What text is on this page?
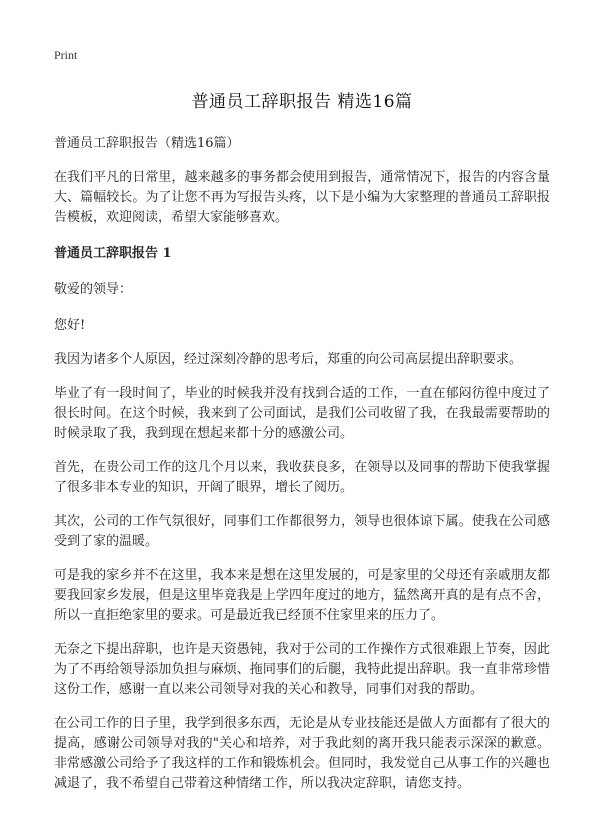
Print
普通员工辞职报告 精选16篇

普通员工辞职报告（精选16篇）

在我们平凡的日常里，越来越多的事务都会使用到报告，通常情况下，报告的内容含量大、篇幅较长。为了让您不再为写报告头疼，以下是小编为大家整理的普通员工辞职报告模板，欢迎阅读，希望大家能够喜欢。

普通员工辞职报告 1

敬爱的领导：

您好!

我因为诸多个人原因，经过深刻冷静的思考后，郑重的向公司高层提出辞职要求。

毕业了有一段时间了，毕业的时候我并没有找到合适的工作，一直在郁闷彷徨中度过了很长时间。在这个时候，我来到了公司面试，是我们公司收留了我，在我最需要帮助的时候录取了我，我到现在想起来都十分的感激公司。

首先，在贵公司工作的这几个月以来，我收获良多，在领导以及同事的帮助下使我掌握了很多非本专业的知识，开阔了眼界，增长了阅历。

其次，公司的工作气氛很好，同事们工作都很努力，领导也很体谅下属。使我在公司感受到了家的温暖。

可是我的家乡并不在这里，我本来是想在这里发展的，可是家里的父母还有亲戚朋友都要我回家乡发展，但是这里毕竟我是上学四年度过的地方，猛然离开真的是有点不舍，所以一直拒绝家里的要求。可是最近我已经顶不住家里来的压力了。

无奈之下提出辞职，也许是天资愚钝，我对于公司的工作操作方式很难跟上节奏，因此为了不再给领导添加负担与麻烦、拖同事们的后腿，我特此提出辞职。我一直非常珍惜这份工作，感谢一直以来公司领导对我的关心和教导，同事们对我的帮助。

在公司工作的日子里，我学到很多东西，无论是从专业技能还是做人方面都有了很大的提高，感谢公司领导对我的"关心和培养，对于我此刻的离开我只能表示深深的歉意。非常感激公司给予了我这样的工作和锻炼机会。但同时，我发觉自己从事工作的兴趣也减退了，我不希望自己带着这种情绪工作，所以我决定辞职，请您支持。
